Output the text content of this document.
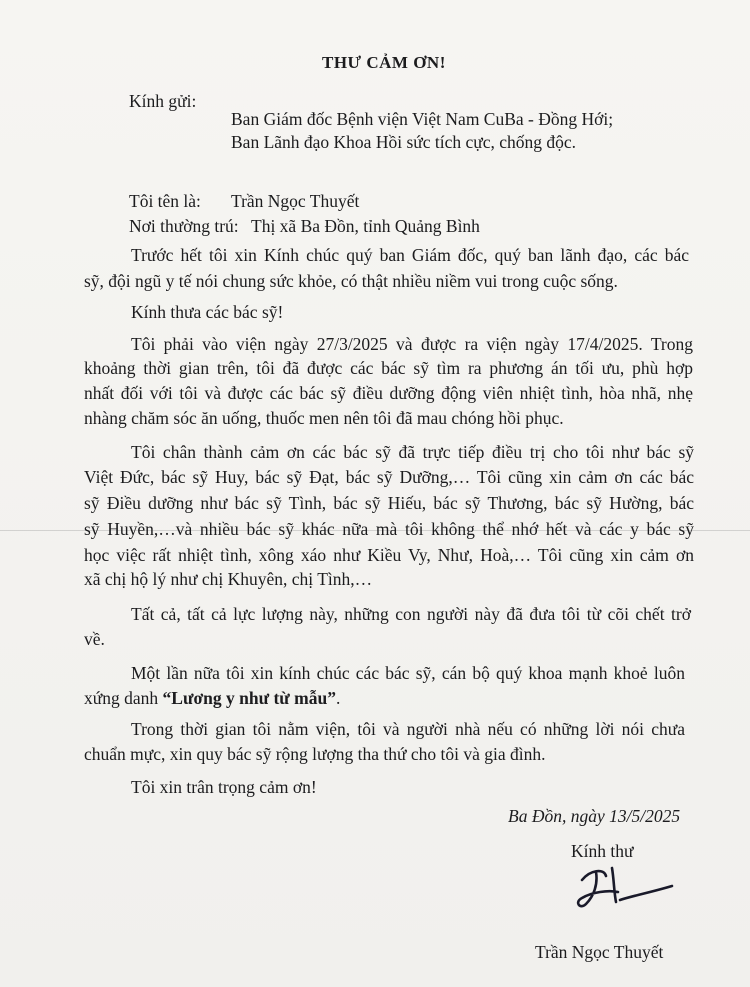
THƯ CẢM ƠN!
Kính gửi:
Ban Giám đốc Bệnh viện Việt Nam CuBa - Đồng Hới;
Ban Lãnh đạo Khoa Hồi sức tích cực, chống độc.
Tôi tên là: Trần Ngọc Thuyết
Nơi thường trú: Thị xã Ba Đồn, tỉnh Quảng Bình
Trước hết tôi xin Kính chúc quý ban Giám đốc, quý ban lãnh đạo, các bác
sỹ, đội ngũ y tế nói chung sức khỏe, có thật nhiều niềm vui trong cuộc sống.
Kính thưa các bác sỹ!
Tôi phải vào viện ngày 27/3/2025 và được ra viện ngày 17/4/2025. Trong
khoảng thời gian trên, tôi đã được các bác sỹ tìm ra phương án tối ưu, phù hợp
nhất đối với tôi và được các bác sỹ điều dưỡng động viên nhiệt tình, hòa nhã, nhẹ
nhàng chăm sóc ăn uống, thuốc men nên tôi đã mau chóng hồi phục.
Tôi chân thành cảm ơn các bác sỹ đã trực tiếp điều trị cho tôi như bác sỹ
Việt Đức, bác sỹ Huy, bác sỹ Đạt, bác sỹ Dưỡng,… Tôi cũng xin cảm ơn các bác
sỹ Điều dưỡng như bác sỹ Tình, bác sỹ Hiếu, bác sỹ Thương, bác sỹ Hường, bác
sỹ Huyền,…và nhiều bác sỹ khác nữa mà tôi không thể nhớ hết và các y bác sỹ
học việc rất nhiệt tình, xông xáo như Kiều Vy, Như, Hoà,… Tôi cũng xin cảm ơn
xã chị hộ lý như chị Khuyên, chị Tình,…
Tất cả, tất cả lực lượng này, những con người này đã đưa tôi từ cõi chết trở
về.
Một lần nữa tôi xin kính chúc các bác sỹ, cán bộ quý khoa mạnh khoẻ luôn
xứng danh “Lương y như từ mẫu”.
Trong thời gian tôi nằm viện, tôi và người nhà nếu có những lời nói chưa
chuẩn mực, xin quy bác sỹ rộng lượng tha thứ cho tôi và gia đình.
Tôi xin trân trọng cảm ơn!
Ba Đồn, ngày 13/5/2025
Kính thư
Trần Ngọc Thuyết
